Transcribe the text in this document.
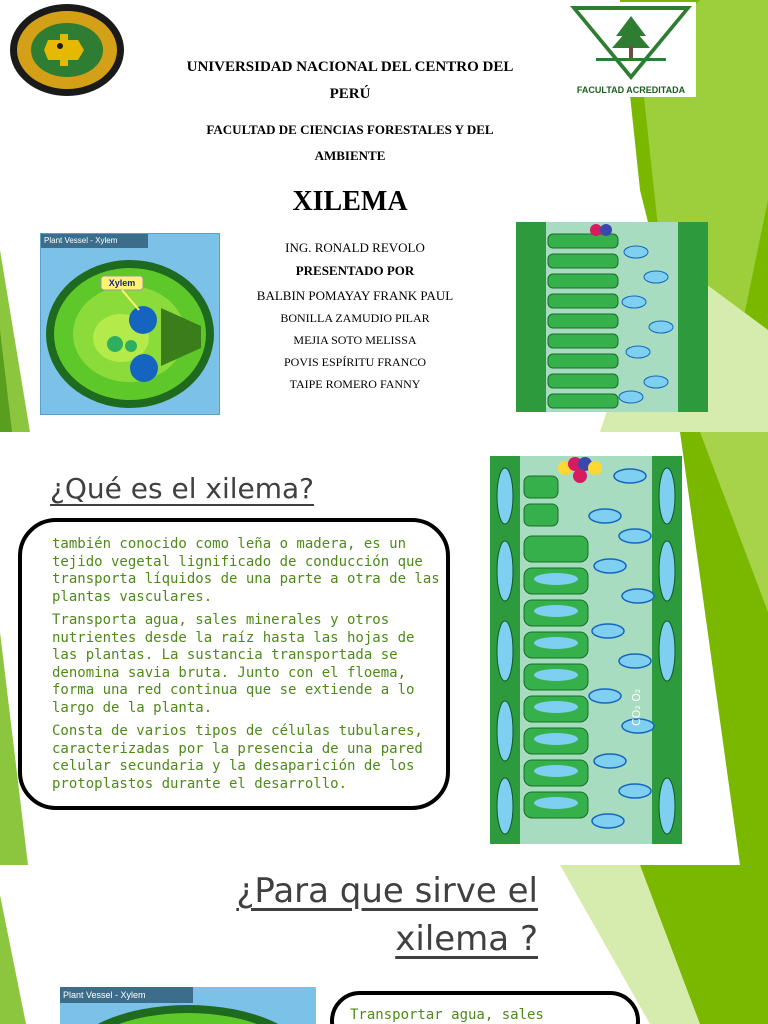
FACULTAD ACREDITADA
UNIVERSIDAD NACIONAL DEL CENTRO DEL PERÚ
FACULTAD DE CIENCIAS FORESTALES Y DEL AMBIENTE
XILEMA
ING. RONALD REVOLO
PRESENTADO POR
BALBIN POMAYAY FRANK PAUL
BONILLA ZAMUDIO PILAR
MEJIA SOTO MELISSA
POVIS ESPÍRITU FRANCO
TAIPE ROMERO FANNY
Plant Vessel - Xylem
Xylem
¿Qué es el xilema?

también conocido como leña o madera, es un tejido vegetal lignificado de conducción que transporta líquidos de una parte a otra de las plantas vasculares.

Transporta agua, sales minerales y otros nutrientes desde la raíz hasta las hojas de las plantas. La sustancia transportada se denomina savia bruta. Junto con el floema, forma una red continua que se extiende a lo largo de la planta.

Consta de varios tipos de células tubulares, caracterizadas por la presencia de una pared celular secundaria y la desaparición de los protoplastos durante el desarrollo.

CO₂ O₂
¿Para que sirve el
xilema ?
Plant Vessel - Xylem
Transportar agua, sales
